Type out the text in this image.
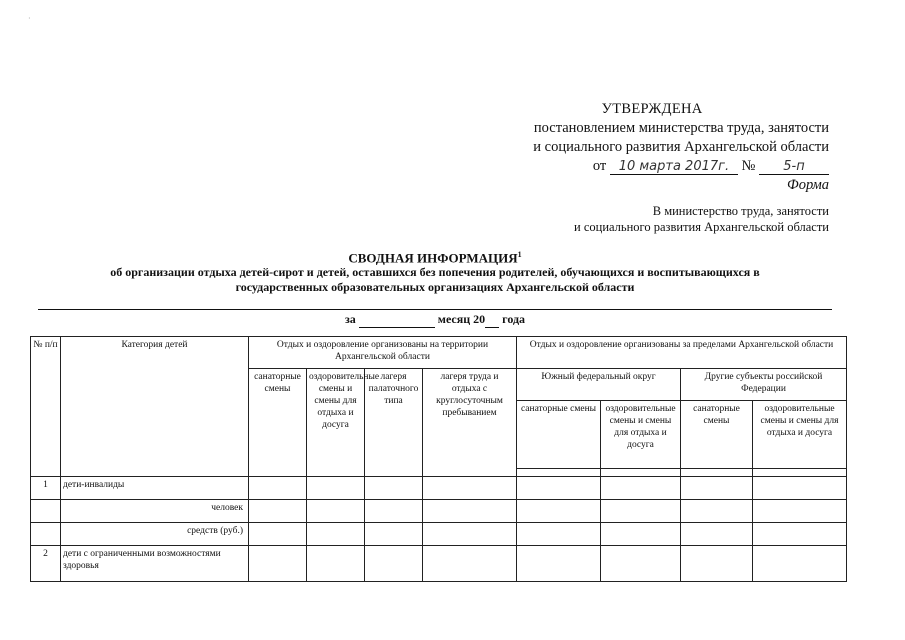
·
УТВЕРЖДЕНА
постановлением министерства труда, занятости
и социального развития Архангельской области
от 10 марта 2017г. № 5-п
Форма
В министерство труда, занятости
и социального развития Архангельской области
СВОДНАЯ ИНФОРМАЦИЯ$^1$
об организации отдыха детей-сирот и детей, оставшихся без попечения родителей, обучающихся и воспитывающихся в
государственных образовательных организациях Архангельской области
за	месяц 20 года
№ п/п	Категория детей	Отдых и оздоровление организованы на территории Архангельской области				Отдых и оздоровление организованы за пределами Архангельской области			
		санаторные смены	оздоровительные смены и смены для отдыха и досуга	лагеря палаточного типа	лагеря труда и отдыха с круглосуточным пребыванием	Южный федеральный округ		Другие субъекты российской Федерации	
						санаторные смены	оздоровительные смены и смены для отдыха и досуга	санаторные смены	оздоровительные смены и смены для отдыха и досуга

1	дети-инвалиды								
	человек								
	средств (руб.)								
2	дети с ограниченными возможностями здоровья								
